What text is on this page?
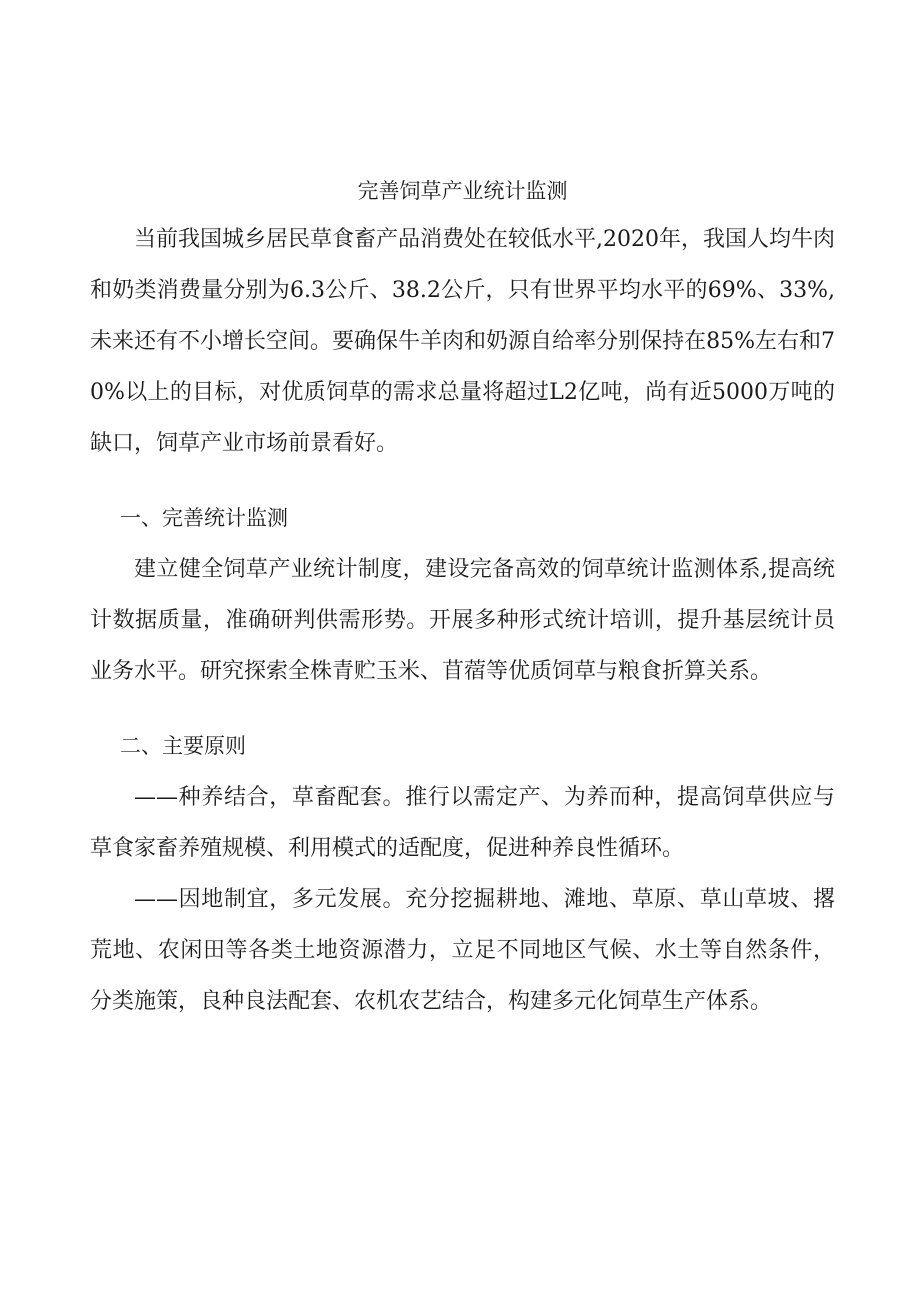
完善饲草产业统计监测

当前我国城乡居民草食畜产品消费处在较低水平,2020年，我国人均牛肉和奶类消费量分别为6.3公斤、38.2公斤，只有世界平均水平的69%、33%,未来还有不小增长空间。要确保牛羊肉和奶源自给率分别保持在85%左右和70%以上的目标，对优质饲草的需求总量将超过L2亿吨，尚有近5000万吨的缺口，饲草产业市场前景看好。

一、完善统计监测

建立健全饲草产业统计制度，建设完备高效的饲草统计监测体系,提高统计数据质量，准确研判供需形势。开展多种形式统计培训，提升基层统计员业务水平。研究探索全株青贮玉米、苜蓿等优质饲草与粮食折算关系。

二、主要原则

——种养结合，草畜配套。推行以需定产、为养而种，提高饲草供应与草食家畜养殖规模、利用模式的适配度，促进种养良性循环。

——因地制宜，多元发展。充分挖掘耕地、滩地、草原、草山草坡、撂荒地、农闲田等各类土地资源潜力，立足不同地区气候、水土等自然条件，分类施策，良种良法配套、农机农艺结合，构建多元化饲草生产体系。
